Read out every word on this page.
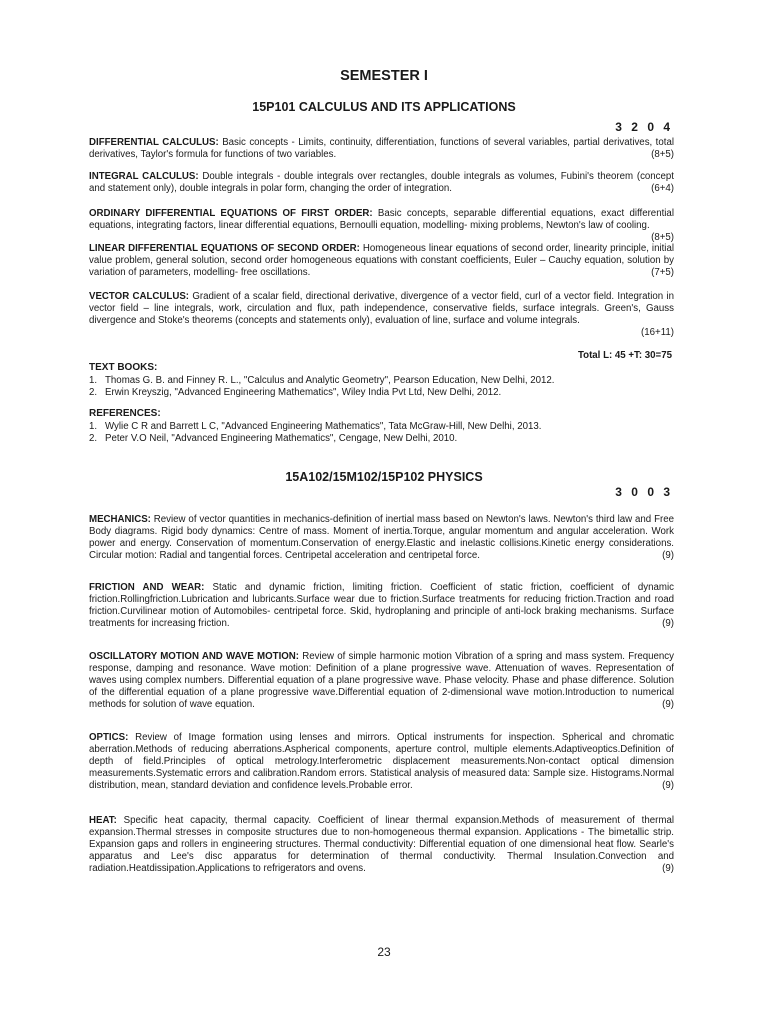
SEMESTER I
15P101 CALCULUS AND ITS APPLICATIONS

3 2 0 4

DIFFERENTIAL CALCULUS: Basic concepts - Limits, continuity, differentiation, functions of several variables, partial derivatives, total derivatives, Taylor's formula for functions of two variables.	(8+5)

INTEGRAL CALCULUS: Double integrals - double integrals over rectangles, double integrals as volumes, Fubini's theorem (concept and statement only), double integrals in polar form, changing the order of integration.	(6+4)

ORDINARY DIFFERENTIAL EQUATIONS OF FIRST ORDER: Basic concepts, separable differential equations, exact differential equations, integrating factors, linear differential equations, Bernoulli equation, modelling- mixing problems, Newton's law of cooling.
(8+5)

LINEAR DIFFERENTIAL EQUATIONS OF SECOND ORDER: Homogeneous linear equations of second order, linearity principle, initial value problem, general solution, second order homogeneous equations with constant coefficients, Euler – Cauchy equation, solution by variation of parameters, modelling- free oscillations.	(7+5)

VECTOR CALCULUS: Gradient of a scalar field, directional derivative, divergence of a vector field, curl of a vector field. Integration in vector field – line integrals, work, circulation and flux, path independence, conservative fields, surface integrals. Green's, Gauss divergence and Stoke's theorems (concepts and statements only), evaluation of line, surface and volume integrals.
(16+11)

Total L: 45 +T: 30=75

TEXT BOOKS:

1. Thomas G. B. and Finney R. L., "Calculus and Analytic Geometry", Pearson Education, New Delhi, 2012.
2. Erwin Kreyszig, "Advanced Engineering Mathematics", Wiley India Pvt Ltd, New Delhi, 2012.

REFERENCES:

1. Wylie C R and Barrett L C, "Advanced Engineering Mathematics", Tata McGraw-Hill, New Delhi, 2013.
2. Peter V.O Neil, "Advanced Engineering Mathematics", Cengage, New Delhi, 2010.
15A102/15M102/15P102 PHYSICS

3 0 0 3

MECHANICS: Review of vector quantities in mechanics-definition of inertial mass based on Newton's laws. Newton's third law and Free Body diagrams. Rigid body dynamics: Centre of mass. Moment of inertia.Torque, angular momentum and angular acceleration. Work power and energy. Conservation of momentum.Conservation of energy.Elastic and inelastic collisions.Kinetic energy considerations. Circular motion: Radial and tangential forces. Centripetal acceleration and centripetal force.	(9)

FRICTION AND WEAR: Static and dynamic friction, limiting friction. Coefficient of static friction, coefficient of dynamic friction.Rollingfriction.Lubrication and lubricants.Surface wear due to friction.Surface treatments for reducing friction.Traction and road friction.Curvilinear motion of Automobiles- centripetal force. Skid, hydroplaning and principle of anti-lock braking mechanisms. Surface treatments for increasing friction.	(9)

OSCILLATORY MOTION AND WAVE MOTION: Review of simple harmonic motion Vibration of a spring and mass system. Frequency response, damping and resonance. Wave motion: Definition of a plane progressive wave. Attenuation of waves. Representation of waves using complex numbers. Differential equation of a plane progressive wave. Phase velocity. Phase and phase difference. Solution of the differential equation of a plane progressive wave.Differential equation of 2-dimensional wave motion.Introduction to numerical methods for solution of wave equation.	(9)

OPTICS: Review of Image formation using lenses and mirrors. Optical instruments for inspection. Spherical and chromatic aberration.Methods of reducing aberrations.Aspherical components, aperture control, multiple elements.Adaptiveoptics.Definition of depth of field.Principles of optical metrology.Interferometric displacement measurements.Non-contact optical dimension measurements.Systematic errors and calibration.Random errors. Statistical analysis of measured data: Sample size. Histograms.Normal distribution, mean, standard deviation and confidence levels.Probable error.	(9)

HEAT: Specific heat capacity, thermal capacity. Coefficient of linear thermal expansion.Methods of measurement of thermal expansion.Thermal stresses in composite structures due to non-homogeneous thermal expansion. Applications - The bimetallic strip. Expansion gaps and rollers in engineering structures. Thermal conductivity: Differential equation of one dimensional heat flow. Searle's apparatus and Lee's disc apparatus for determination of thermal conductivity. Thermal Insulation.Convection and radiation.Heatdissipation.Applications to refrigerators and ovens.	(9)

23
